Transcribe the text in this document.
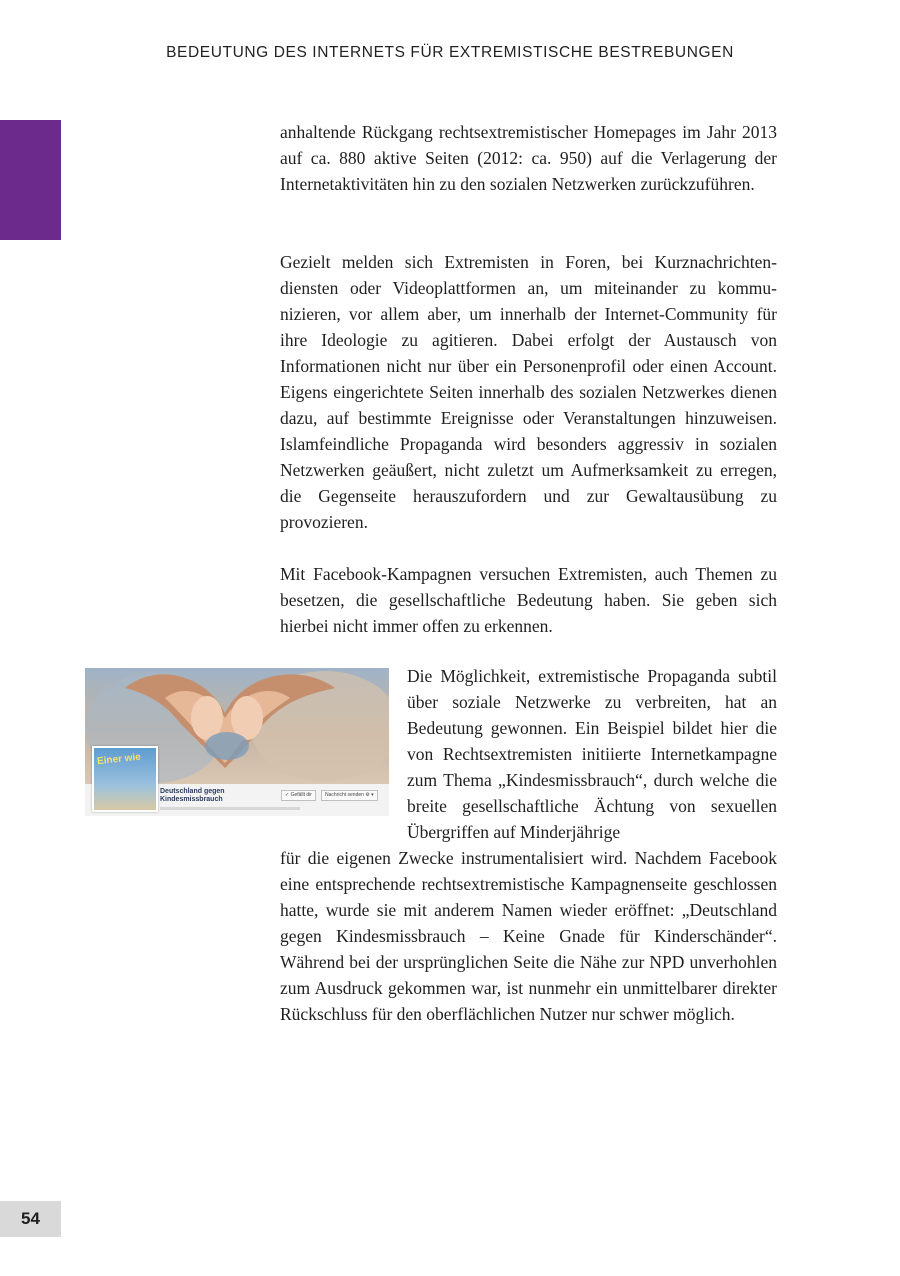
BEDEUTUNG DES INTERNETS FÜR EXTREMISTISCHE BESTREBUNGEN

anhaltende Rückgang rechtsextremistischer Homepages im Jahr 2013 auf ca. 880 aktive Seiten (2012: ca. 950) auf die Verlagerung der Internetaktivitäten hin zu den sozialen Netzwerken zurückzuführen.

Gezielt melden sich Extremisten in Foren, bei Kurznachrichtendiensten oder Videoplattformen an, um miteinander zu kommunizieren, vor allem aber, um innerhalb der Internet-Community für ihre Ideologie zu agitieren. Dabei erfolgt der Austausch von Informationen nicht nur über ein Personenprofil oder einen Account. Eigens eingerichtete Seiten innerhalb des sozialen Netzwerkes dienen dazu, auf bestimmte Ereignisse oder Veranstaltungen hinzuweisen. Islamfeindliche Propaganda wird besonders aggressiv in sozialen Netzwerken geäußert, nicht zuletzt um Aufmerksamkeit zu erregen, die Gegenseite herauszufordern und zur Gewaltausübung zu provozieren.

Mit Facebook-Kampagnen versuchen Extremisten, auch Themen zu besetzen, die gesellschaftliche Bedeutung haben. Sie geben sich hierbei nicht immer offen zu erkennen.

Einer wie
Deutschland gegen Kindesmissbrauch
✓ Gefällt dir	Nachricht senden ⚙ ▾

Die Möglichkeit, extremistische Propaganda subtil über soziale Netzwerke zu verbreiten, hat an Bedeutung gewonnen. Ein Beispiel bildet hier die von Rechtsextremisten initiierte Internetkampagne zum Thema „Kindesmissbrauch“, durch welche die breite gesellschaftliche Ächtung von sexuellen Übergriffen auf Minderjährige

für die eigenen Zwecke instrumentalisiert wird. Nachdem Facebook eine entsprechende rechtsextremistische Kampagnenseite geschlossen hatte, wurde sie mit anderem Namen wieder eröffnet: „Deutschland gegen Kindesmissbrauch – Keine Gnade für Kinderschänder“. Während bei der ursprünglichen Seite die Nähe zur NPD unverhohlen zum Ausdruck gekommen war, ist nunmehr ein unmittelbarer direkter Rückschluss für den oberflächlichen Nutzer nur schwer möglich.

54
